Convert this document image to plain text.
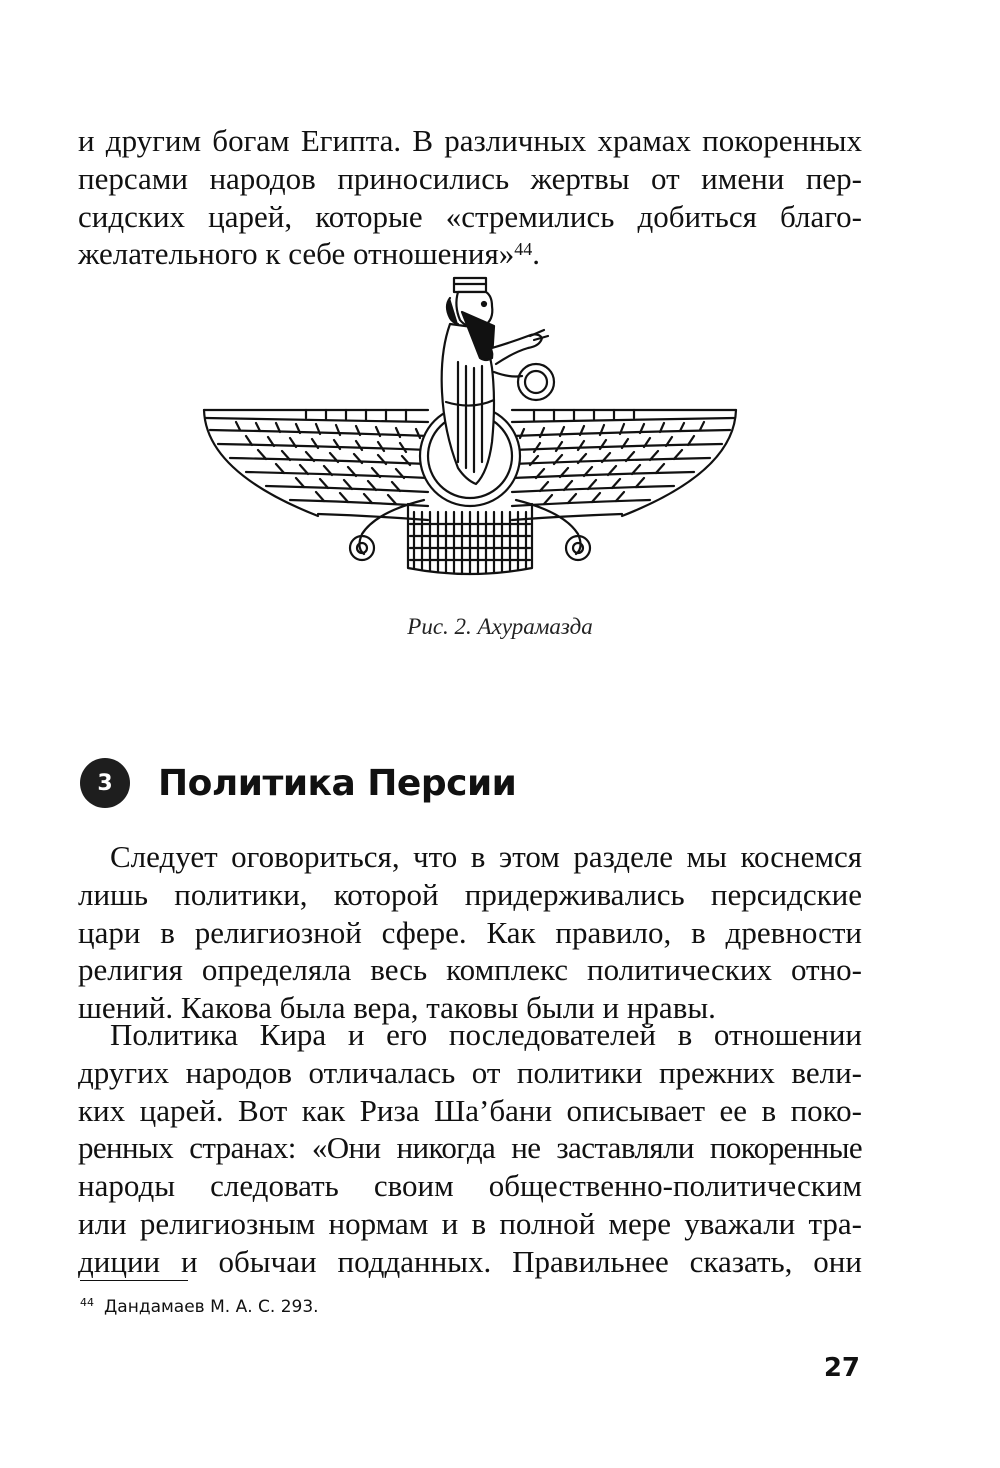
и другим богам Египта. В различных храмах покоренных
персами народов приносились жертвы от имени пер-
сидских царей, которые «стремились добиться благо-
желательного к себе отношения»$^{44}$.

Рис. 2. Ахурамазда
3	Политика Персии

Следует оговориться, что в этом разделе мы коснемся
лишь политики, которой придерживались персидские
цари в религиозной сфере. Как правило, в древности
религия определяла весь комплекс политических отно-
шений. Какова была вера, таковы были и нравы.

Политика Кира и его последователей в отношении
других народов отличалась от политики прежних вели-
ких царей. Вот как Риза Ша’бани описывает ее в поко-
ренных странах: «Они никогда не заставляли покоренные
народы следовать своим общественно-политическим
или религиозным нормам и в полной мере уважали тра-
диции и обычаи подданных. Правильнее сказать, они

$^{44}$ Дандамаев М. А. С. 293.
27
